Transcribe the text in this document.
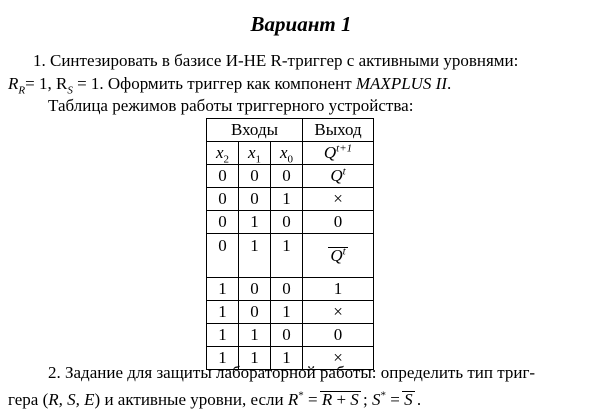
Вариант 1
1. Синтезировать в базисе И-НЕ R-триггер с активными уровнями:
$R_R= 1$, $R_S = 1$. Оформить триггер как компонент MAXPLUS II.
Таблица режимов работы триггерного устройства:
Входы			Выход
$x_2$	$x_1$	$x_0$	$Q^{t+1}$
0	0	0	$Q^t$
0	0	1	×
0	1	0	0
0	1	1	$Q^t$
1	0	0	1
1	0	1	×
1	1	0	0
1	1	1	×
2. Задание для защиты лабораторной работы: определить тип триг-
гера (R, S, E) и активные уровни, если R* = R + S ; S* = S .
